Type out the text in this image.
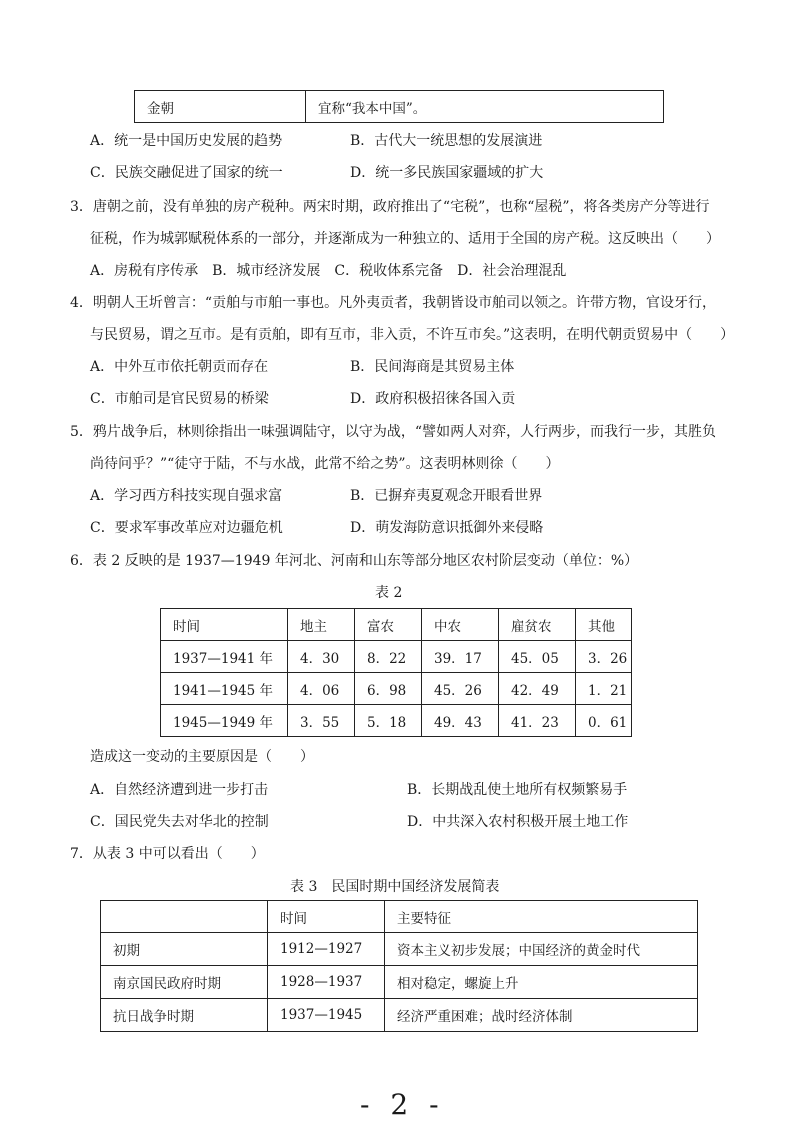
金朝	宜称“我本中国”。
A．统一是中国历史发展的趋势	B．古代大一统思想的发展演进
C．民族交融促进了国家的统一	D．统一多民族国家疆域的扩大
3．唐朝之前，没有单独的房产税种。两宋时期，政府推出了“宅税”，也称“屋税”，将各类房产分等进行
征税，作为城郭赋税体系的一部分，并逐渐成为一种独立的、适用于全国的房产税。这反映出（　　）
A．房税有序传承　B．城市经济发展　C．税收体系完备　D．社会治理混乱
4．明朝人王圻曾言：“贡舶与市舶一事也。凡外夷贡者，我朝皆设市舶司以领之。许带方物，官设牙行，
与民贸易，谓之互市。是有贡舶，即有互市，非入贡，不许互市矣。”这表明，在明代朝贡贸易中（　　）
A．中外互市依托朝贡而存在	B．民间海商是其贸易主体
C．市舶司是官民贸易的桥梁	D．政府积极招徕各国入贡
5．鸦片战争后，林则徐指出一味强调陆守，以守为战，“譬如两人对弈，人行两步，而我行一步，其胜负
尚待问乎？”“徒守于陆，不与水战，此常不给之势”。这表明林则徐（　　）
A．学习西方科技实现自强求富	B．已摒弃夷夏观念开眼看世界
C．要求军事改革应对边疆危机	D．萌发海防意识抵御外来侵略
6．表 2 反映的是 1937—1949 年河北、河南和山东等部分地区农村阶层变动（单位：%）
表 2
时间	地主	富农	中农	雇贫农	其他
1937—1941 年	4．30	8．22	39．17	45．05	3．26
1941—1945 年	4．06	6．98	45．26	42．49	1．21
1945—1949 年	3．55	5．18	49．43	41．23	0．61
造成这一变动的主要原因是（　　）
A．自然经济遭到进一步打击	B．长期战乱使土地所有权频繁易手
C．国民党失去对华北的控制	D．中共深入农村积极开展土地工作
7．从表 3 中可以看出（　　）
表 3　民国时期中国经济发展简表
	时间	主要特征
初期	1912—1927	资本主义初步发展；中国经济的黄金时代
南京国民政府时期	1928—1937	相对稳定，螺旋上升
抗日战争时期	1937—1945	经济严重困难；战时经济体制
- 2 -
